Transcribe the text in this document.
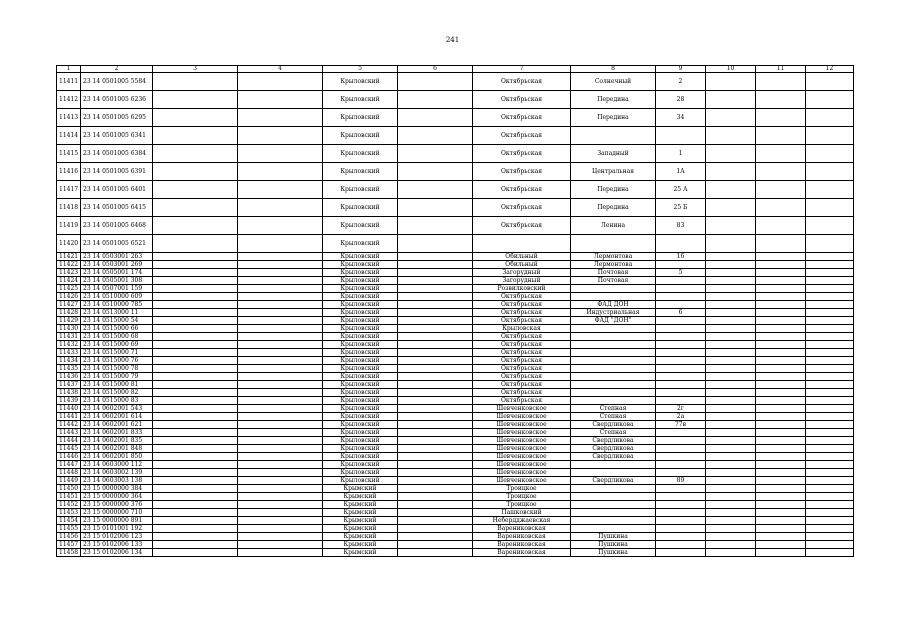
241
1	2	3	4	5	6	7	8	9	10	11	12
11411	23 14 0501005 5584			Крыловский		Октябрьская	Солнечный	2			
11412	23 14 0501005 6236			Крыловский		Октябрьская	Передина	28			
11413	23 14 0501005 6295			Крыловский		Октябрьская	Передина	34			
11414	23 14 0501005 6341			Крыловский		Октябрьская					
11415	23 14 0501005 6384			Крыловский		Октябрьская	Западный	1			
11416	23 14 0501005 6391			Крыловский		Октябрьская	Центральная	1А			
11417	23 14 0501005 6401			Крыловский		Октябрьская	Передина	25 А			
11418	23 14 0501005 6415			Крыловский		Октябрьская	Передина	25 Б			
11419	23 14 0501005 6468			Крыловский		Октябрьская	Ленина	83			
11420	23 14 0501005 6521			Крыловский							
11421	23 14 0503001 263			Крыловский		Обильный	Лермонтова	16			
11422	23 14 0503001 269			Крыловский		Обильный	Лермонтова				
11423	23 14 0505001 174			Крыловский		Загорудный	Почтовая	5			
11424	23 14 0505001 308			Крыловский		Загорудный	Почтовая				
11425	23 14 0507001 159			Крыловский		Розвилковский					
11426	23 14 0510000 609			Крыловский		Октябрьская					
11427	23 14 0510000 785			Крыловский		Октябрьская	ФАД ДОН				
11428	23 14 0513000 11			Крыловский		Октябрьская	Индустриальная	6			
11429	23 14 0515000 54			Крыловский		Октябрьская	ФАД "ДОН"				
11430	23 14 0515000 66			Крыловский		Крыловская					
11431	23 14 0515000 68			Крыловский		Октябрьская					
11432	23 14 0515000 69			Крыловский		Октябрьская					
11433	23 14 0515000 71			Крыловский		Октябрьская					
11434	23 14 0515000 76			Крыловский		Октябрьская					
11435	23 14 0515000 78			Крыловский		Октябрьская					
11436	23 14 0515000 79			Крыловский		Октябрьская					
11437	23 14 0515000 81			Крыловский		Октябрьская					
11438	23 14 0515000 82			Крыловский		Октябрьская					
11439	23 14 0515000 83			Крыловский		Октябрьская					
11440	23 14 0602001 543			Крыловский		Шевченковское	Степная	2г			
11441	23 14 0602001 614			Крыловский		Шевченковское	Степная	2а			
11442	23 14 0602001 621			Крыловский		Шевченковское	Свердликова	77в			
11443	23 14 0602001 833			Крыловский		Шевченковское	Степная				
11444	23 14 0602001 835			Крыловский		Шевченковское	Свердликова				
11445	23 14 0602001 848			Крыловский		Шевченковское	Свердликова				
11446	23 14 0602001 850			Крыловский		Шевченковское	Свердликова				
11447	23 14 0603000 112			Крыловский		Шевченковское					
11448	23 14 0603002 139			Крыловский		Шевченковское					
11449	23 14 0603003 138			Крыловский		Шевченковское	Свердликова	89			
11450	23 15 0000000 384			Крымский		Троицкое					
11451	23 15 0000000 364			Крымский		Троицкое					
11452	23 15 0000000 376			Крымский		Троицкое					
11453	23 15 0000000 710			Крымский		Пашковский					
11454	23 15 0000000 891			Крымский		Небердджаевская					
11455	23 15 0101001 192			Крымский		Варениковская					
11456	23 15 0102006 123			Крымский		Варениковская	Пушкина				
11457	23 15 0102006 133			Крымский		Варениковская	Пушкина				
11458	23 15 0102006 134			Крымский		Варениковская	Пушкина				
